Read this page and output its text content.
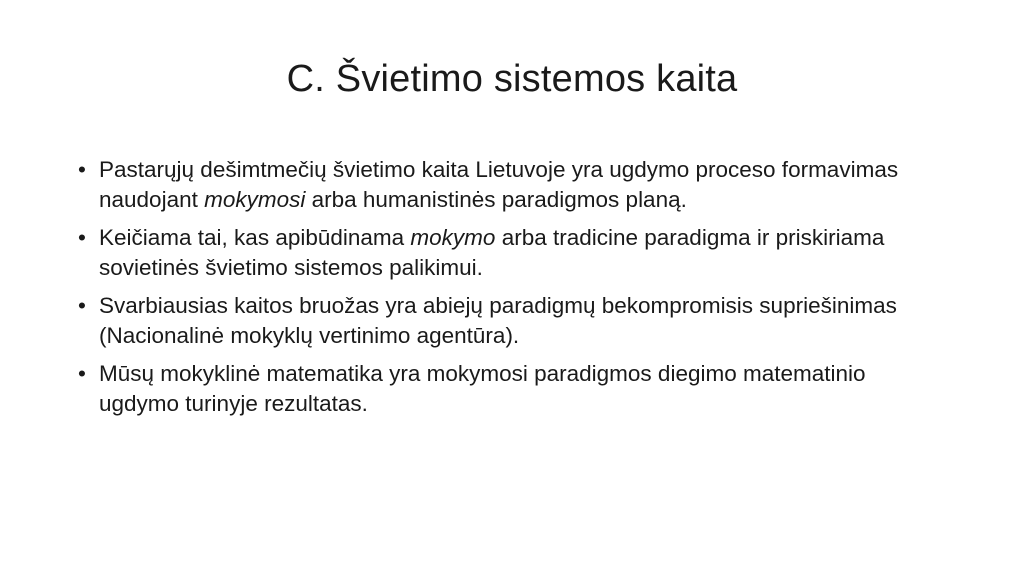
C. Švietimo sistemos kaita
• Pastarųjų dešimtmečių švietimo kaita Lietuvoje yra ugdymo proceso formavimas naudojant mokymosi arba humanistinės paradigmos planą.
• Keičiama tai, kas apibūdinama mokymo arba tradicine paradigma ir priskiriama sovietinės švietimo sistemos palikimui.
• Svarbiausias kaitos bruožas yra abiejų paradigmų bekompromisis supriešinimas (Nacionalinė mokyklų vertinimo agentūra).
• Mūsų mokyklinė matematika yra mokymosi paradigmos diegimo matematinio ugdymo turinyje rezultatas.
